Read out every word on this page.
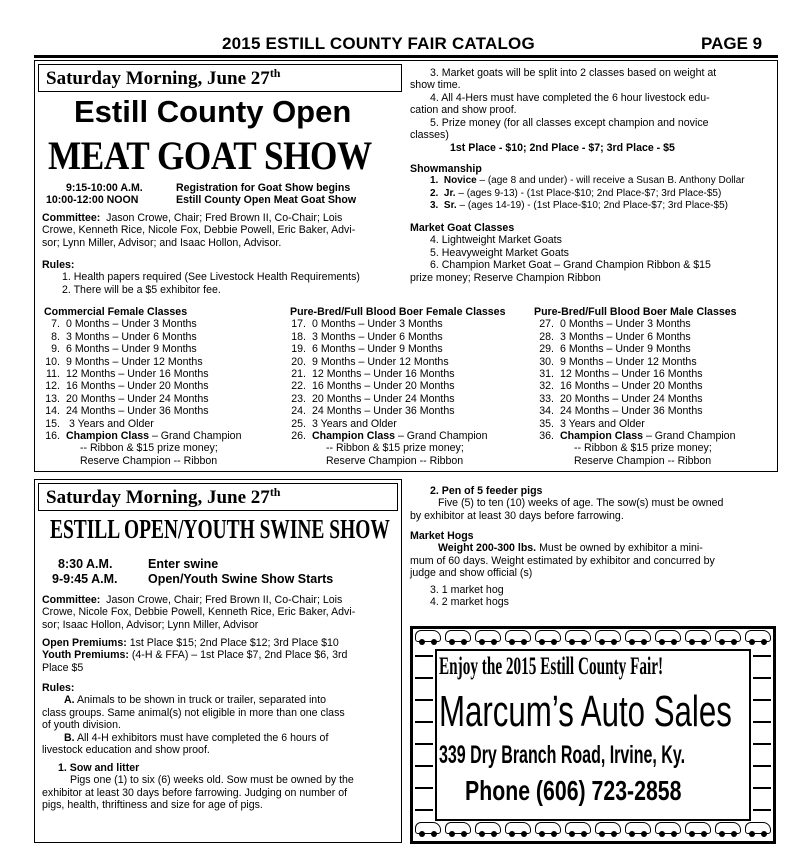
2015 ESTILL COUNTY FAIR CATALOG	PAGE 9
Saturday Morning, June 27th
Estill County Open
MEAT GOAT SHOW
9:15-10:00 A.M.	Registration for Goat Show begins
10:00-12:00 NOON	Estill County Open Meat Goat Show
Committee: Jason Crowe, Chair; Fred Brown II, Co-Chair; Lois
Crowe, Kenneth Rice, Nicole Fox, Debbie Powell, Eric Baker, Advi-
sor; Lynn Miller, Advisor; and Isaac Hollon, Advisor.
Rules:
1. Health papers required (See Livestock Health Requirements)
2. There will be a $5 exhibitor fee.
3. Market goats will be split into 2 classes based on weight at
show time.
4. All 4-Hers must have completed the 6 hour livestock edu-
cation and show proof.
5. Prize money (for all classes except champion and novice
classes)
1st Place - $10; 2nd Place - $7; 3rd Place - $5
Showmanship
1. Novice – (age 8 and under) - will receive a Susan B. Anthony Dollar
2. Jr. – (ages 9-13) - (1st Place-$10; 2nd Place-$7; 3rd Place-$5)
3. Sr. – (ages 14-19) - (1st Place-$10; 2nd Place-$7; 3rd Place-$5)
Market Goat Classes
4. Lightweight Market Goats
5. Heavyweight Market Goats
6. Champion Market Goat – Grand Champion Ribbon & $15
prize money; Reserve Champion Ribbon
Commercial Female Classes
7. 0 Months – Under 3 Months
8. 3 Months – Under 6 Months
9. 6 Months – Under 9 Months
10. 9 Months – Under 12 Months
11. 12 Months – Under 16 Months
12. 16 Months – Under 20 Months
13. 20 Months – Under 24 Months
14. 24 Months – Under 36 Months
15. 3 Years and Older
16. Champion Class – Grand Champion
-- Ribbon & $15 prize money;
Reserve Champion -- Ribbon
Pure-Bred/Full Blood Boer Female Classes
17. 0 Months – Under 3 Months
18. 3 Months – Under 6 Months
19. 6 Months – Under 9 Months
20. 9 Months – Under 12 Months
21. 12 Months – Under 16 Months
22. 16 Months – Under 20 Months
23. 20 Months – Under 24 Months
24. 24 Months – Under 36 Months
25. 3 Years and Older
26. Champion Class – Grand Champion
-- Ribbon & $15 prize money;
Reserve Champion -- Ribbon
Pure-Bred/Full Blood Boer Male Classes
27. 0 Months – Under 3 Months
28. 3 Months – Under 6 Months
29. 6 Months – Under 9 Months
30. 9 Months – Under 12 Months
31. 12 Months – Under 16 Months
32. 16 Months – Under 20 Months
33. 20 Months – Under 24 Months
34. 24 Months – Under 36 Months
35. 3 Years and Older
36. Champion Class – Grand Champion
-- Ribbon & $15 prize money;
Reserve Champion -- Ribbon
Saturday Morning, June 27th
ESTILL OPEN/YOUTH SWINE SHOW
8:30 A.M.	Enter swine
9-9:45 A.M. Open/Youth Swine Show Starts
Committee: Jason Crowe, Chair; Fred Brown II, Co-Chair; Lois
Crowe, Nicole Fox, Debbie Powell, Kenneth Rice, Eric Baker, Advi-
sor; Isaac Hollon, Advisor; Lynn Miller, Advisor
Open Premiums: 1st Place $15; 2nd Place $12; 3rd Place $10
Youth Premiums: (4-H & FFA) – 1st Place $7, 2nd Place $6, 3rd
Place $5
Rules:
A. Animals to be shown in truck or trailer, separated into
class groups. Same animal(s) not eligible in more than one class
of youth division.
B. All 4-H exhibitors must have completed the 6 hours of
livestock education and show proof.
1. Sow and litter
Pigs one (1) to six (6) weeks old. Sow must be owned by the
exhibitor at least 30 days before farrowing. Judging on number of
pigs, health, thriftiness and size for age of pigs.
2. Pen of 5 feeder pigs
Five (5) to ten (10) weeks of age. The sow(s) must be owned
by exhibitor at least 30 days before farrowing.
Market Hogs
Weight 200-300 lbs. Must be owned by exhibitor a mini-
mum of 60 days. Weight estimated by exhibitor and concurred by
judge and show official (s)
3. 1 market hog
4. 2 market hogs
Enjoy the 2015 Estill County Fair!
Marcum’s Auto Sales
339 Dry Branch Road, Irvine, Ky.
Phone (606) 723-2858
